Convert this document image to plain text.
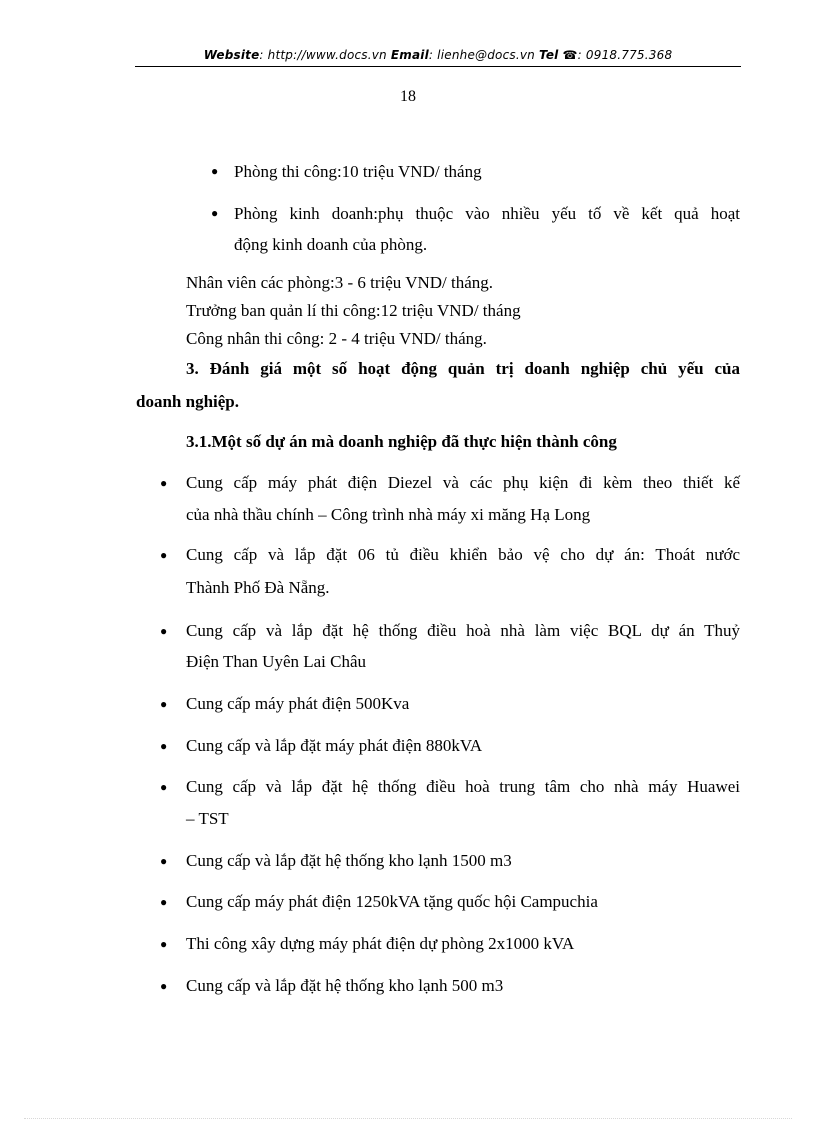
Website: http://www.docs.vn Email: lienhe@docs.vn Tel ☎: 0918.775.368
18
● Phòng thi công:10 triệu VND/ tháng
● Phòng kinh doanh:phụ thuộc vào nhiều yếu tố về kết quả hoạt
động kinh doanh của phòng.
Nhân viên các phòng:3 - 6 triệu VND/ tháng.
Trưởng ban quản lí thi công:12 triệu VND/ tháng
Công nhân thi công: 2 - 4 triệu VND/ tháng.
3. Đánh giá một số hoạt động quản trị doanh nghiệp chủ yếu của
doanh nghiệp.
3.1.Một số dự án mà doanh nghiệp đã thực hiện thành công
● Cung cấp máy phát điện Diezel và các phụ kiện đi kèm theo thiết kế
của nhà thầu chính – Công trình nhà máy xi măng Hạ Long
● Cung cấp và lắp đặt 06 tủ điều khiển bảo vệ cho dự án: Thoát nước
Thành Phố Đà Nẵng.
● Cung cấp và lắp đặt hệ thống điều hoà nhà làm việc BQL dự án Thuỷ
Điện Than Uyên Lai Châu
● Cung cấp máy phát điện 500Kva
● Cung cấp và lắp đặt máy phát điện 880kVA
● Cung cấp và lắp đặt hệ thống điều hoà trung tâm cho nhà máy Huawei
– TST
● Cung cấp và lắp đặt hệ thống kho lạnh 1500 m3
● Cung cấp máy phát điện 1250kVA tặng quốc hội Campuchia
● Thi công xây dựng máy phát điện dự phòng 2x1000 kVA
● Cung cấp và lắp đặt hệ thống kho lạnh 500 m3
